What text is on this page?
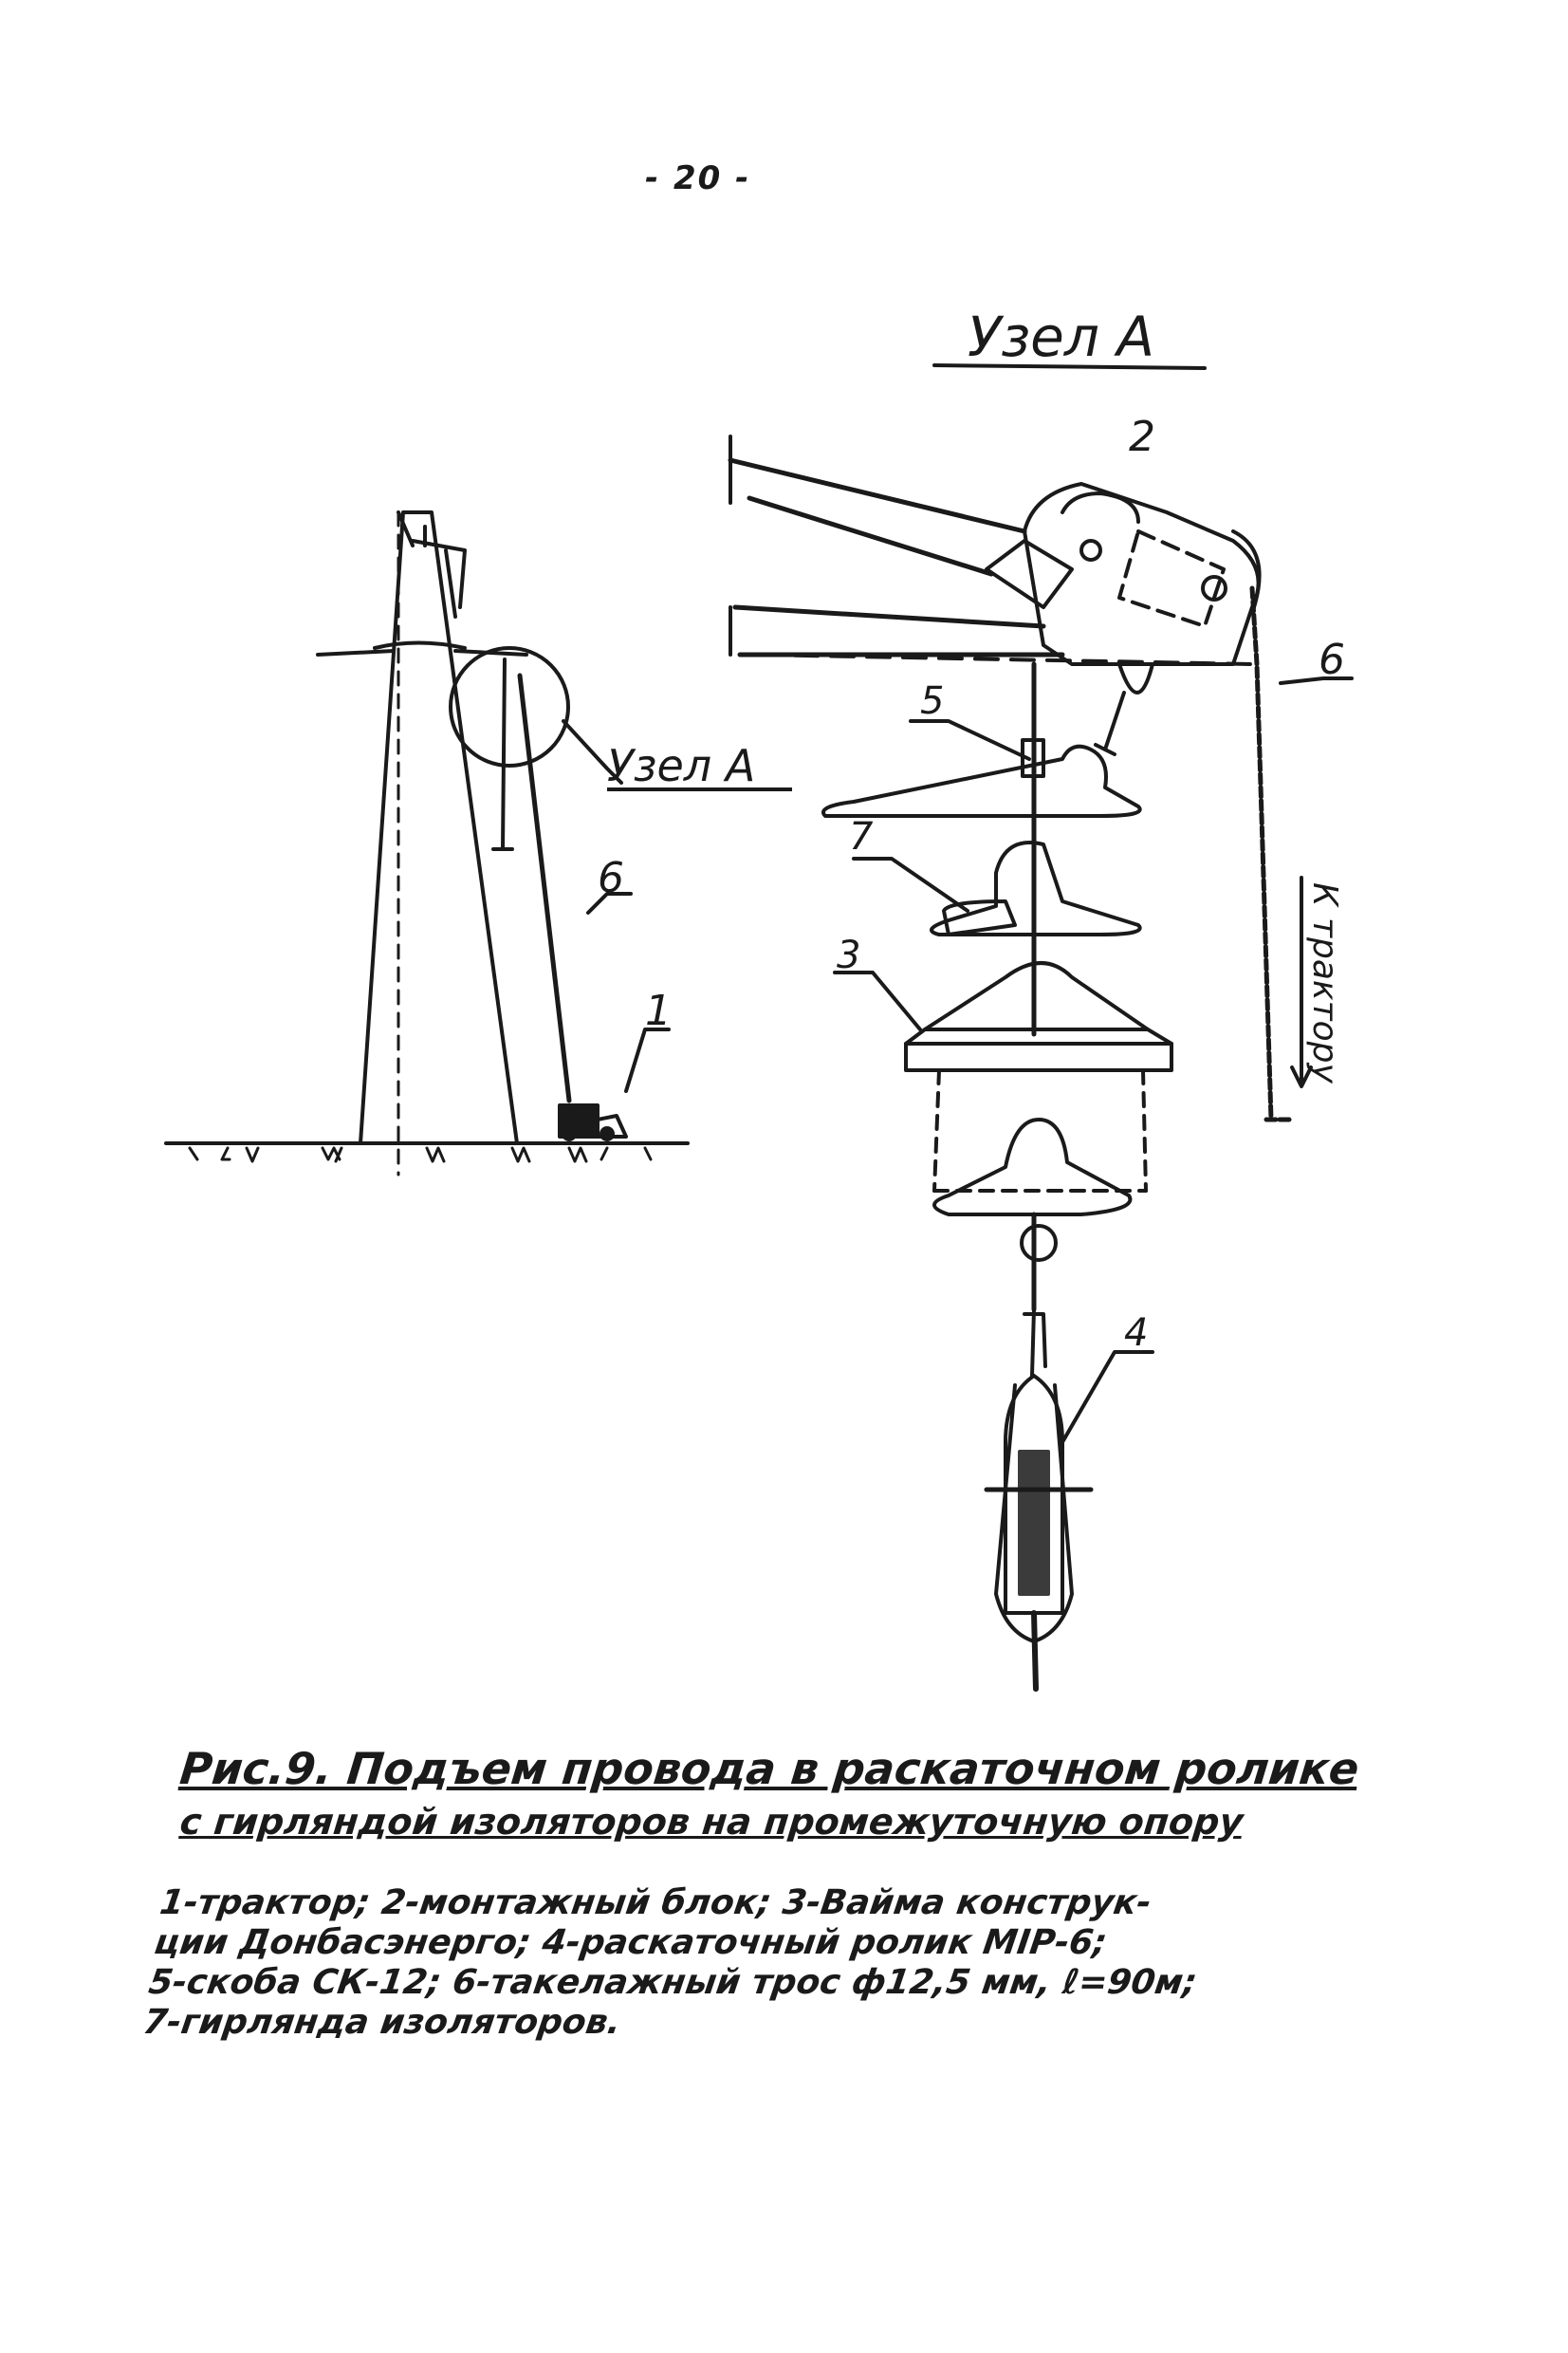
- 20 -
Узел А
Узел А
1
6
2
6
5
7
3
4
К трактору
Рис.9. Подъем провода в раскаточном ролике
с гирляндой изоляторов на промежуточную опору
1-трактор; 2-монтажный блок; 3-Вайма конструк-
ции Донбасэнерго; 4-раскаточный ролик МIР-6;
5-скоба СК-12; 6-такелажный трос ф12,5 мм, ℓ=90м;
7-гирлянда изоляторов.
